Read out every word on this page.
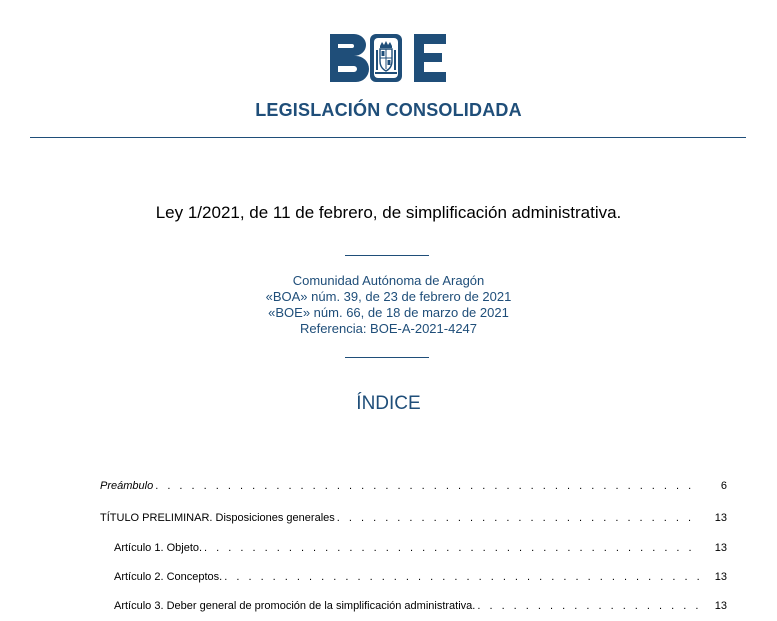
LEGISLACIÓN CONSOLIDADA
Ley 1/2021, de 11 de febrero, de simplificación administrativa.
Comunidad Autónoma de Aragón
«BOA» núm. 39, de 23 de febrero de 2021
«BOE» núm. 66, de 18 de marzo de 2021
Referencia: BOE-A-2021-4247
ÍNDICE
Preámbulo . . .	6
TÍTULO PRELIMINAR. Disposiciones generales . . .	13
Artículo 1. Objeto. . . .	13
Artículo 2. Conceptos. . . .	13
Artículo 3. Deber general de promoción de la simplificación administrativa. . . .	13
